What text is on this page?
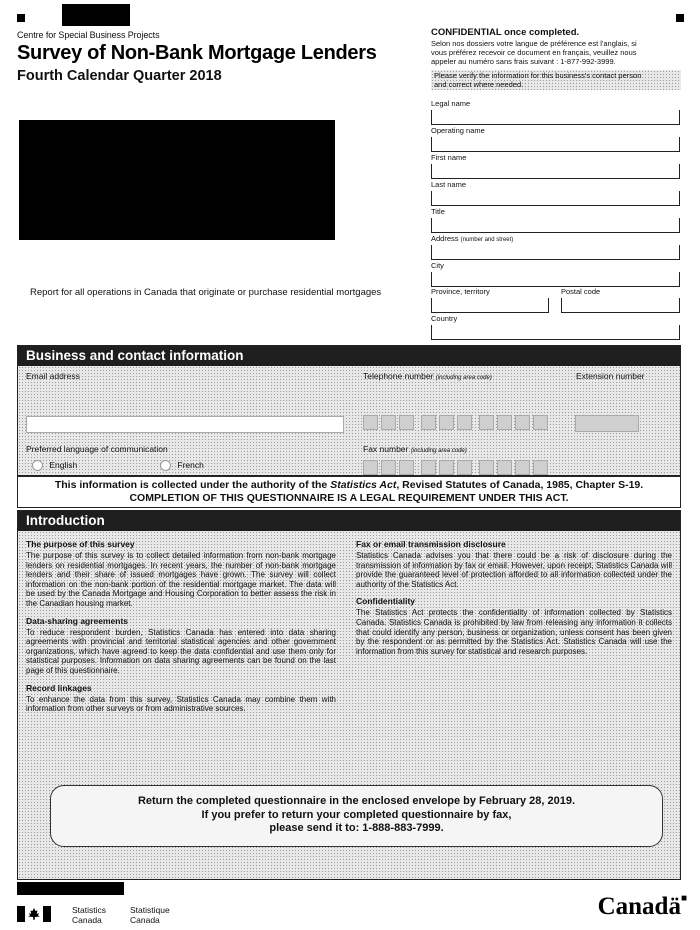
Centre for Special Business Projects
Survey of Non-Bank Mortgage Lenders
Fourth Calendar Quarter 2018
CONFIDENTIAL once completed.
Selon nos dossiers votre langue de préférence est l'anglais, si
vous préférez recevoir ce document en français, veuillez nous
appeler au numéro sans frais suivant : 1-877-992-3999.
Please verify the information for this business's contact person
and correct where needed.
Legal name
Operating name
First name
Last name
Title
Address (number and street)
City
Province, territory	Postal code
Country
Report for all operations in Canada that originate or purchase residential mortgages
Business and contact information
Email address	Telephone number (including area code)	Extension number
Preferred language of communication
English	French
Fax number (including area code)
This information is collected under the authority of the Statistics Act, Revised Statutes of Canada, 1985, Chapter S-19.
COMPLETION OF THIS QUESTIONNAIRE IS A LEGAL REQUIREMENT UNDER THIS ACT.
Introduction
The purpose of this survey

The purpose of this survey is to collect detailed information from non-bank mortgage lenders on residential mortgages. In recent years, the number of non-bank mortgage lenders and their share of issued mortgages have grown. The survey will collect information on the non-bank portion of the residential mortgage market. The data will be used by the Canada Mortgage and Housing Corporation to better assess the risk in the Canadian housing market.

Data-sharing agreements

To reduce respondent burden, Statistics Canada has entered into data sharing agreements with provincial and territorial statistical agencies and other government organizations, which have agreed to keep the data confidential and use them only for statistical purposes. Information on data sharing agreements can be found on the last page of this questionnaire.

Record linkages

To enhance the data from this survey, Statistics Canada may combine them with information from other surveys or from administrative sources.

Fax or email transmission disclosure

Statistics Canada advises you that there could be a risk of disclosure during the transmission of information by fax or email. However, upon receipt, Statistics Canada will provide the guaranteed level of protection afforded to all information collected under the authority of the Statistics Act.

Confidentiality

The Statistics Act protects the confidentiality of information collected by Statistics Canada. Statistics Canada is prohibited by law from releasing any information it collects that could identify any person, business or organization, unless consent has been given by the respondent or as permitted by the Statistics Act. Statistics Canada will use the information from this survey for statistical and research purposes.

Return the completed questionnaire in the enclosed envelope by February 28, 2019.
If you prefer to return your completed questionnaire by fax,
please send it to: 1-888-883-7999.
Statistics
Canada
Statistique
Canada	Canadä■
